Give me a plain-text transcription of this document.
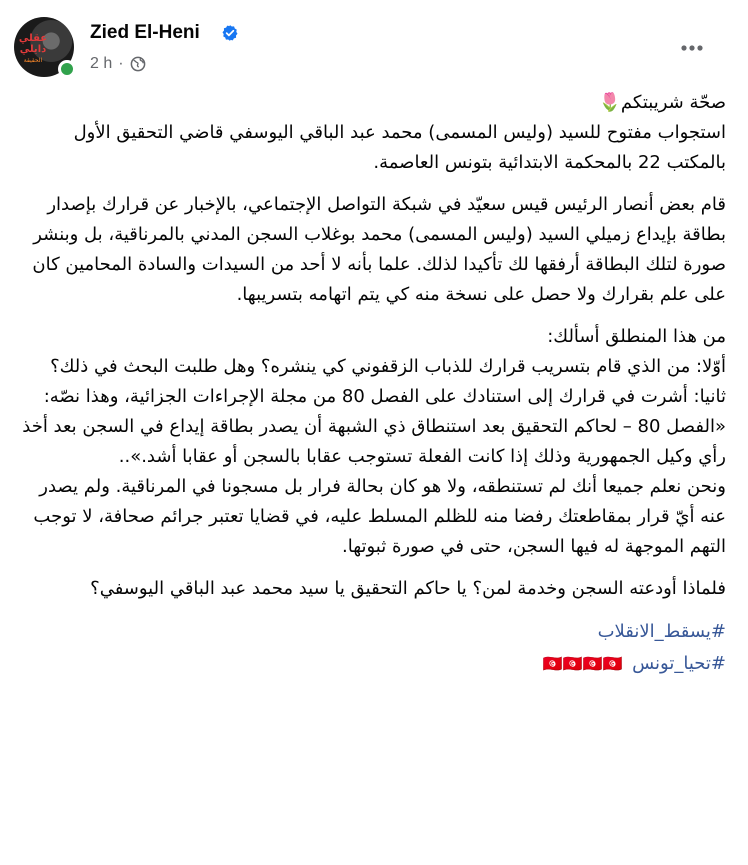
عقلي دايلي
الحقيقة
Zied El-Heni
2 h ·

صحّة شريبتكم🌷

استجواب مفتوح للسيد (وليس المسمى) محمد عبد الباقي اليوسفي قاضي التحقيق الأول بالمكتب 22 بالمحكمة الابتدائية بتونس العاصمة.

قام بعض أنصار الرئيس قيس سعيّد في شبكة التواصل الإجتماعي، بالإخبار عن قرارك بإصدار بطاقة بإيداع زميلي السيد (وليس المسمى) محمد بوغلاب السجن المدني بالمرناقية، بل وبنشر صورة لتلك البطاقة أرفقها لك تأكيدا لذلك. علما بأنه لا أحد من السيدات والسادة المحامين كان على علم بقرارك ولا حصل على نسخة منه كي يتم اتهامه بتسريبها.

من هذا المنطلق أسألك:

أوّلا: من الذي قام بتسريب قرارك للذباب الزقفوني كي ينشره؟ وهل طلبت البحث في ذلك؟

ثانيا: أشرت في قرارك إلى استنادك على الفصل 80 من مجلة الإجراءات الجزائية، وهذا نصّه:

«الفصل 80 – لحاكم التحقيق بعد استنطاق ذي الشبهة أن يصدر بطاقة إيداع في السجن بعد أخذ رأي وكيل الجمهورية وذلك إذا كانت الفعلة تستوجب عقابا بالسجن أو عقابا أشد.»..

ونحن نعلم جميعا أنك لم تستنطقه، ولا هو كان بحالة فرار بل مسجونا في المرناقية. ولم يصدر عنه أيّ قرار بمقاطعتك رفضا منه للظلم المسلط عليه، في قضايا تعتبر جرائم صحافة، لا توجب التهم الموجهة له فيها السجن، حتى في صورة ثبوتها.

فلماذا أودعته السجن وخدمة لمن؟ يا حاكم التحقيق يا سيد محمد عبد الباقي اليوسفي؟

#يسقط_الانقلاب
#تحيا_تونس 🇹🇳🇹🇳🇹🇳🇹🇳
